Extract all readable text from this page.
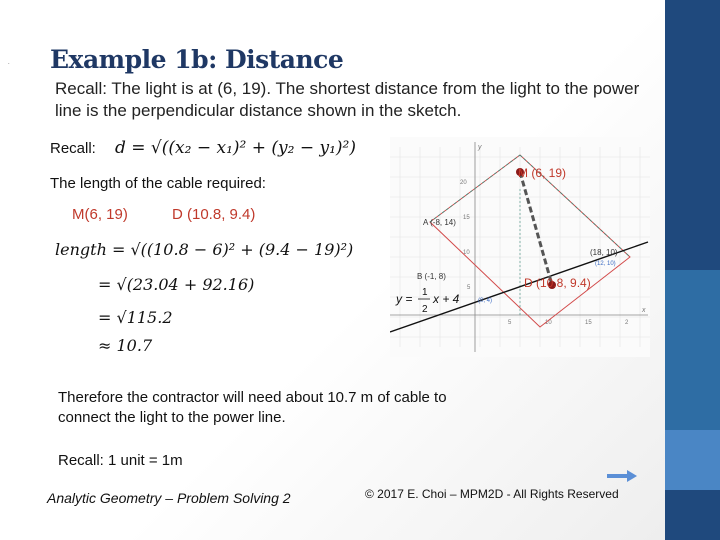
. Example 1b: Distance
Recall: The light is at (6, 19). The shortest distance from the light to the power line is the perpendicular distance shown in the sketch.
Recall: d = √((x₂ − x₁)² + (y₂ − y₁)²)
The length of the cable required:
M(6, 19)	D (10.8, 9.4)
length = √((10.8 − 6)² + (9.4 − 19)²)
= √(23.04 + 92.16)
= √115.2
≈ 10.7
20
15
10
5
5	10	15	2
x
y
M (6, 19)
D (10.8, 9.4)
A (-8, 14)
B (-1, 8)
(18, 10)
(12, 10)
(0, 4)
y = 1
2
x + 4
Therefore the contractor will need about 10.7 m of cable to connect the light to the power line.
Recall: 1 unit = 1m
Analytic Geometry – Problem Solving 2	© 2017 E. Choi – MPM2D - All Rights Reserved
